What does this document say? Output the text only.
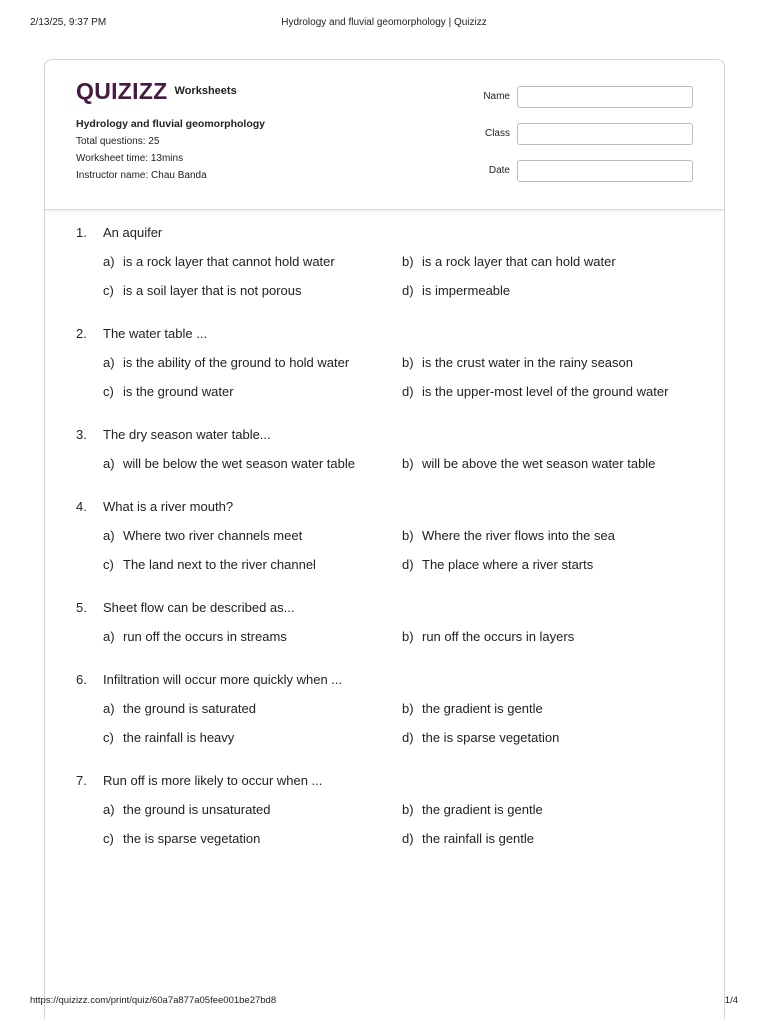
2/13/25, 9:37 PM	Hydrology and fluvial geomorphology | Quizizz
QUIZIZZ Worksheets
Hydrology and fluvial geomorphology
Total questions: 25
Worksheet time: 13mins
Instructor name: Chau Banda
Name
Class
Date
1.	An aquifer
a) is a rock layer that cannot hold water	b) is a rock layer that can hold water
c) is a soil layer that is not porous	d) is impermeable
2.	The water table ...
a) is the ability of the ground to hold water	b) is the crust water in the rainy season
c) is the ground water	d) is the upper-most level of the ground water
3.	The dry season water table...
a) will be below the wet season water table	b) will be above the wet season water table
4.	What is a river mouth?
a) Where two river channels meet	b) Where the river flows into the sea
c) The land next to the river channel	d) The place where a river starts
5.	Sheet flow can be described as...
a) run off the occurs in streams	b) run off the occurs in layers
6.	Infiltration will occur more quickly when ...
a) the ground is saturated	b) the gradient is gentle
c) the rainfall is heavy	d) the is sparse vegetation
7.	Run off is more likely to occur when ...
a) the ground is unsaturated	b) the gradient is gentle
c) the is sparse vegetation	d) the rainfall is gentle
https://quizizz.com/print/quiz/60a7a877a05fee001be27bd8	1/4
